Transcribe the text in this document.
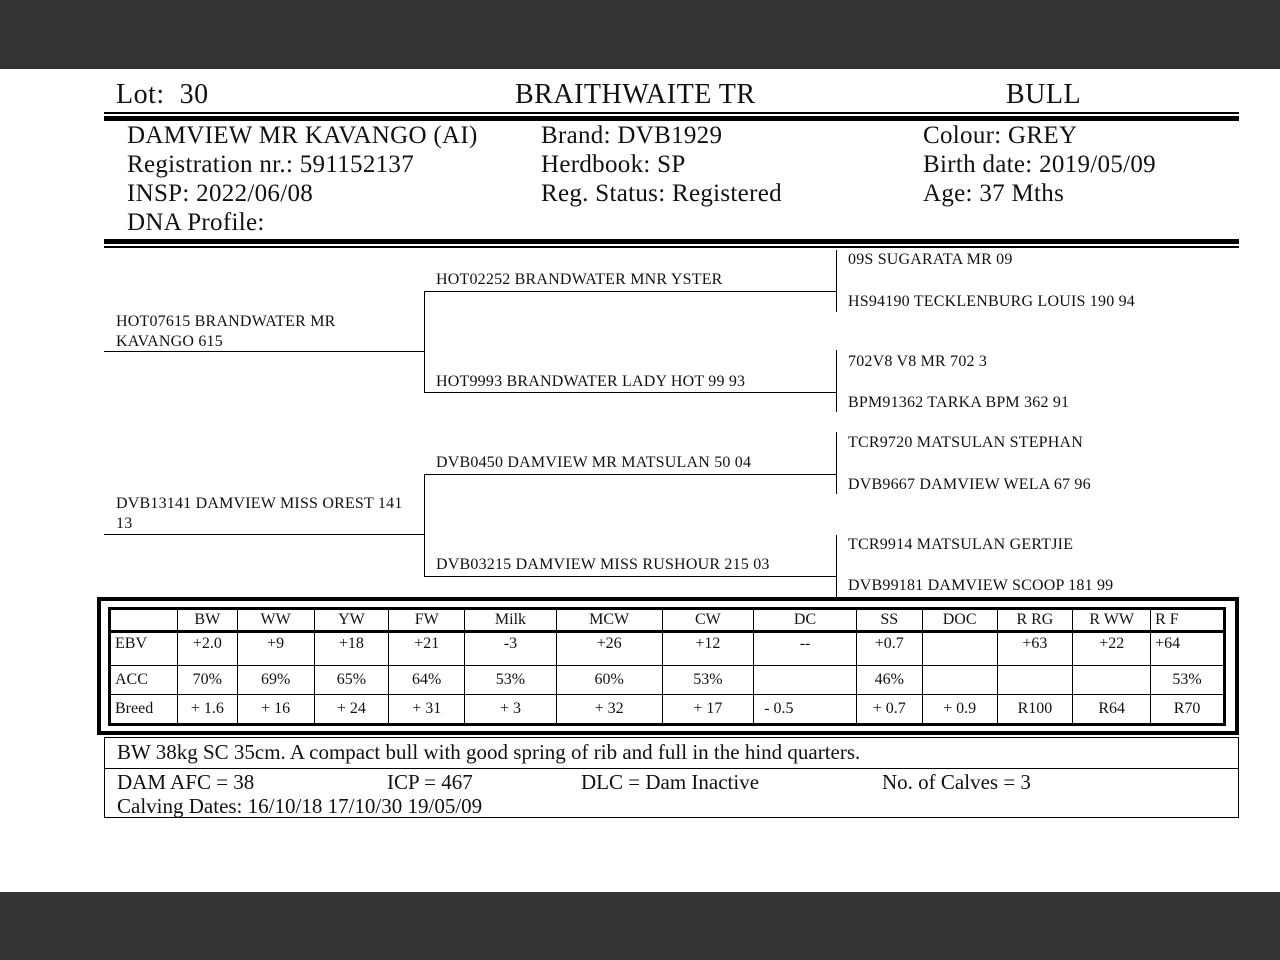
Lot: 30	BRAITHWAITE TR	BULL
DAMVIEW MR KAVANGO (AI)
Registration nr.: 591152137
INSP: 2022/06/08
DNA Profile:
Brand: DVB1929
Herdbook: SP
Reg. Status: Registered
Colour: GREY
Birth date: 2019/05/09
Age: 37 Mths
HOT07615 BRANDWATER MR KAVANGO 615
DVB13141 DAMVIEW MISS OREST 141 13
HOT02252 BRANDWATER MNR YSTER
HOT9993 BRANDWATER LADY HOT 99 93
DVB0450 DAMVIEW MR MATSULAN 50 04
DVB03215 DAMVIEW MISS RUSHOUR 215 03
09S SUGARATA MR 09
HS94190 TECKLENBURG LOUIS 190 94
702V8 V8 MR 702 3
BPM91362 TARKA BPM 362 91
TCR9720 MATSULAN STEPHAN
DVB9667 DAMVIEW WELA 67 96
TCR9914 MATSULAN GERTJIE
DVB99181 DAMVIEW SCOOP 181 99
	BW	WW	YW	FW	Milk	MCW	CW	DC	SS	DOC	R RG	R WW	R F
EBV	+2.0	+9	+18	+21	-3	+26	+12	--	+0.7		+63	+22	+64
ACC	70%	69%	65%	64%	53%	60%	53%		46%				53%
Breed	+ 1.6	+ 16	+ 24	+ 31	+ 3	+ 32	+ 17	- 0.5	+ 0.7	+ 0.9	R100	R64	R70
BW 38kg SC 35cm. A compact bull with good spring of rib and full in the hind quarters.
DAM AFC = 38	ICP = 467	DLC = Dam Inactive	No. of Calves = 3
Calving Dates: 16/10/18 17/10/30 19/05/09
